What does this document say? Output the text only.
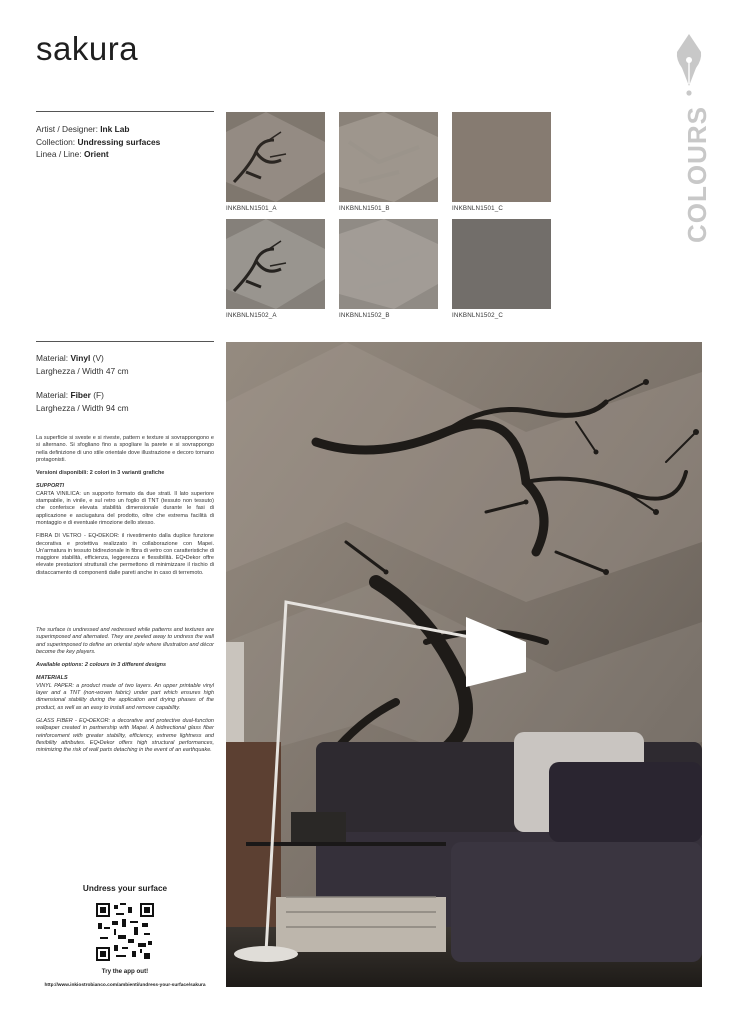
sakura
COLOURS
Artist / Designer: Ink Lab
Collection: Undressing surfaces
Linea / Line: Orient
INKBNLN1501_A	INKBNLN1501_B	INKBNLN1501_C
INKBNLN1502_A	INKBNLN1502_B	INKBNLN1502_C
Material: Vinyl (V)
Larghezza / Width 47 cm
Material: Fiber (F)
Larghezza / Width 94 cm

La superficie si sveste e si riveste, pattern e texture si sovrappongono e si alternano. Si sfogliano fino a spogliare la parete e si sovrappongo nella definizione di uno stile orientale dove illustrazione e decoro tornano protagonisti.

Versioni disponibili: 2 colori in 3 varianti grafiche

SUPPORTI

CARTA VINILICA: un supporto formato da due strati. Il lato superiore stampabile, in vinile, e sul retro un foglio di TNT (tessuto non tessuto) che conferisce elevata stabilità dimensionale durante le fasi di applicazione e asciugatura del prodotto, oltre che estrema facilità di montaggio e di eventuale rimozione dello stesso.

FIBRA DI VETRO - EQ•DEKOR: il rivestimento dalla duplice funzione decorativa e protettiva realizzato in collaborazione con Mapei. Un'armatura in tessuto bidirezionale in fibra di vetro con caratteristiche di maggiore stabilità, efficienza, leggerezza e flessibilità. EQ•Dekor offre elevate prestazioni strutturali che permettono di minimizzare il rischio di distaccamento di componenti dalle pareti anche in caso di terremoto.

The surface is undressed and redressed while patterns and textures are superimposed and alternated. They are peeled away to undress the wall and superimposed to define an oriental style where illustration and décor become the key players.

Available options: 2 colours in 3 different designs

MATERIALS

VINYL PAPER: a product made of two layers. An upper printable vinyl layer and a TNT (non-woven fabric) under part which ensures high dimensional stability during the application and drying phases of the product, as well as an easy to install and remove capability.

GLASS FIBER - EQ•DEKOR: a decorative and protective dual-function wallpaper created in partnership with Mapei. A bidirectional glass fiber reinforcement with greater stability, efficiency, extreme lightness and flexibility attributes. EQ•Dekor offers high structural performances, minimizing the risk of wall parts detaching in the event of an earthquake.

Undress your surface
Try the app out!
http://www.inkiostrobianco.com/ambienti/undress-your-surface/sakura
